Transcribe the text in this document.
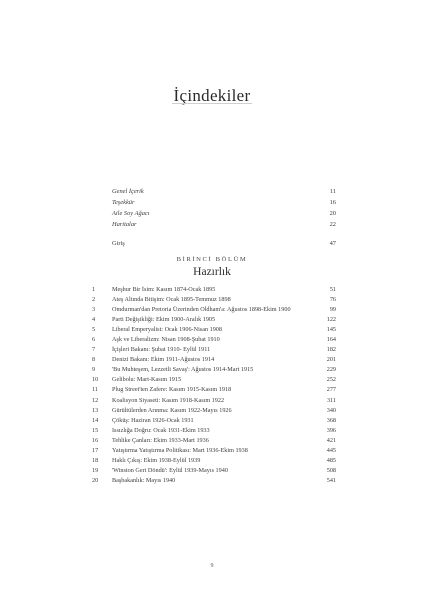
İçindekiler
Genel İçerik	11
Teşekkür	16
Aile Soy Ağacı	20
Haritalar	22
Giriş	47
BİRİNCİ BÖLÜM
Hazırlık
1	Meşhur Bir İsim: Kasım 1874-Ocak 1895	51
2	Ateş Altında Bitişim: Ocak 1895-Temmuz 1898	76
3	Omdurman'dan Pretoria Üzerinden Oldham'a: Ağustos 1898-Ekim 1900	99
4	Parti Değişikliği: Ekim 1900-Aralık 1905	122
5	Liberal Emperyalist: Ocak 1906-Nisan 1908	145
6	Aşk ve Liberalizm: Nisan 1908-Şubat 1910	164
7	İçişleri Bakanı: Şubat 1910- Eylül 1911	182
8	Denizi Bakanı: Ekim 1911-Ağustos 1914	201
9	'Bu Muhteşem, Lezzetli Savaş': Ağustos 1914-Mart 1915	229
10	Gelibolu: Mart-Kasım 1915	252
11	Plug Street'ten Zafere: Kasım 1915-Kasım 1918	277
12	Koalisyon Siyaseti: Kasım 1918-Kasım 1922	311
13	Gürültülerden Arınma: Kasım 1922-Mayıs 1926	340
14	Çöküş: Haziran 1926-Ocak 1931	368
15	Issızlığa Doğru: Ocak 1931-Ekim 1933	396
16	Tehlike Çanları: Ekim 1933-Mart 1936	421
17	Yatıştırma Yatıştırma Politikası: Mart 1936-Ekim 1938	445
18	Haklı Çıkış: Ekim 1938-Eylül 1939	485
19	'Winston Geri Döndü': Eylül 1939-Mayıs 1940	508
20	Başbakanlık: Mayıs 1940	541
9
